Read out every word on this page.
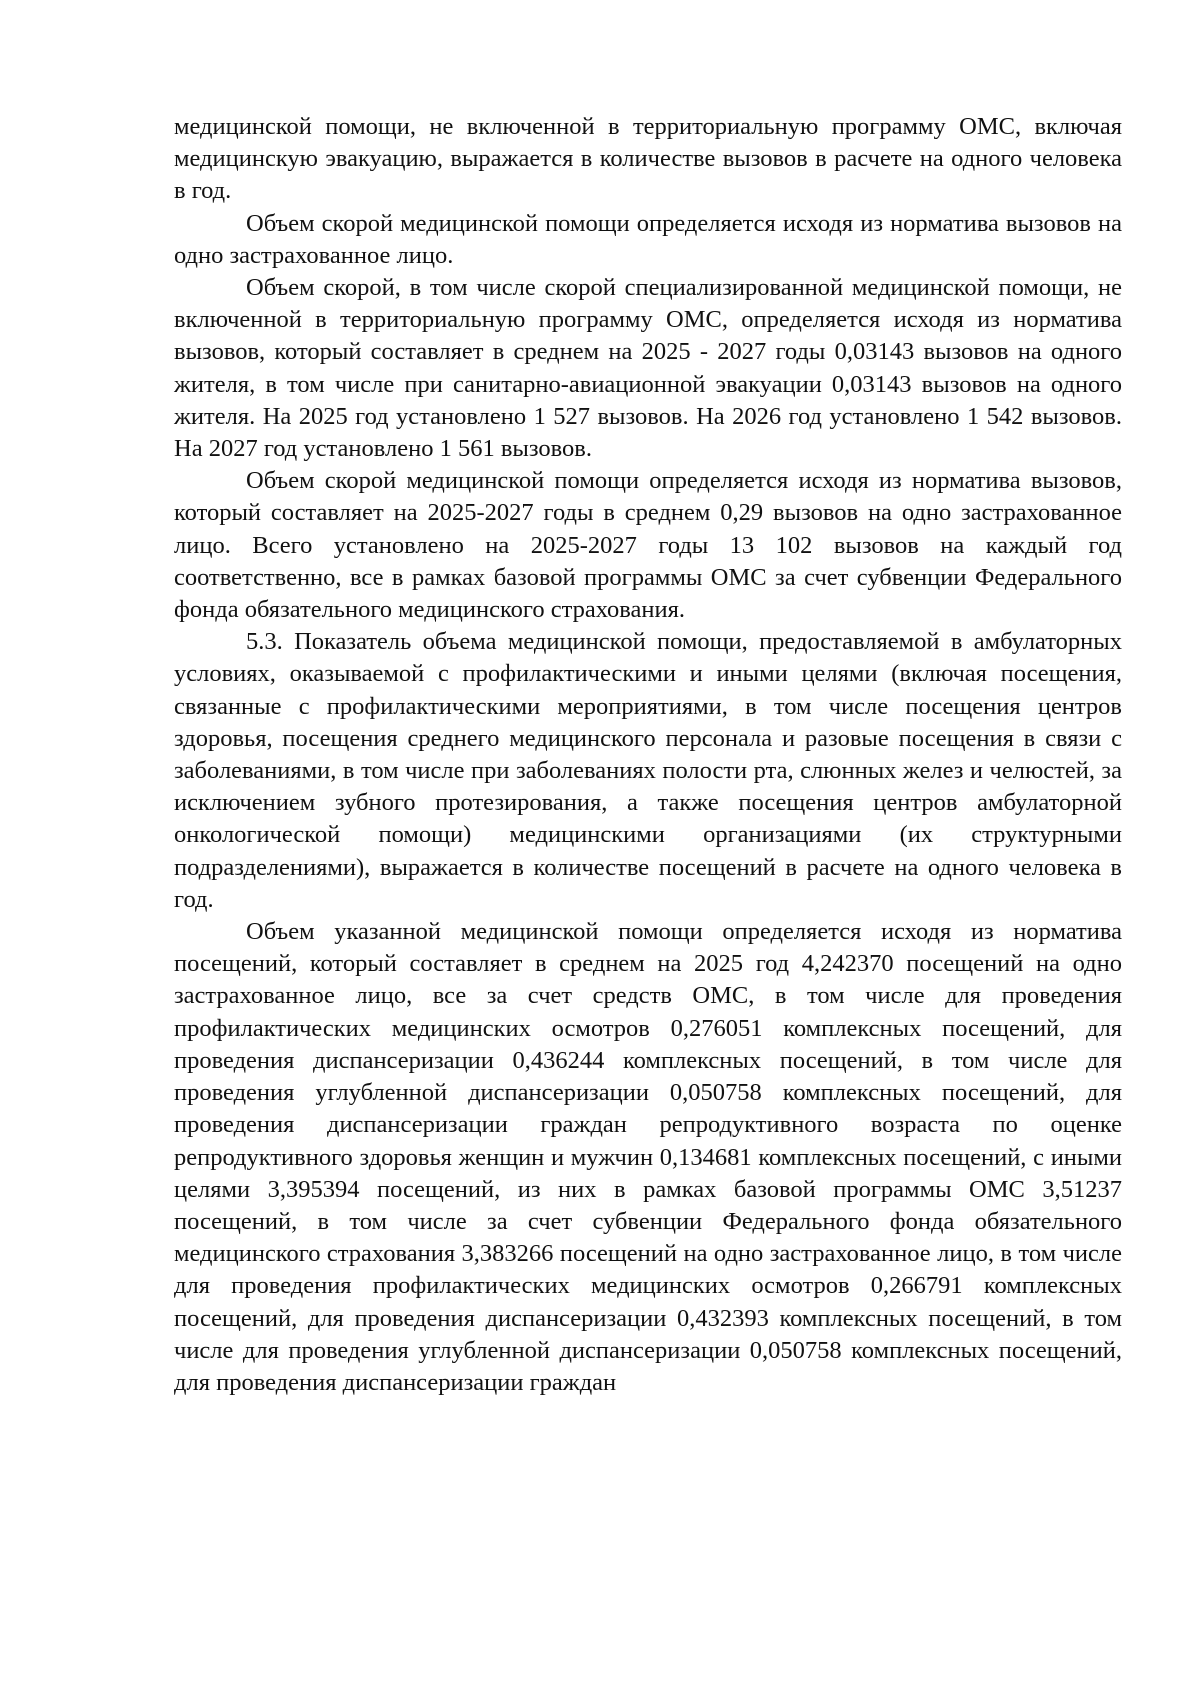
медицинской помощи, не включенной в территориальную программу ОМС, включая медицинскую эвакуацию, выражается в количестве вызовов в расчете на одного человека в год.

Объем скорой медицинской помощи определяется исходя из норматива вызовов на одно застрахованное лицо.

Объем скорой, в том числе скорой специализированной медицинской помощи, не включенной в территориальную программу ОМС, определяется исходя из норматива вызовов, который составляет в среднем на 2025 - 2027 годы 0,03143 вызовов на одного жителя, в том числе при санитарно-авиационной эвакуации 0,03143 вызовов на одного жителя. На 2025 год установлено 1 527 вызовов. На 2026 год установлено 1 542 вызовов. На 2027 год установлено 1 561 вызовов.

Объем скорой медицинской помощи определяется исходя из норматива вызовов, который составляет на 2025-2027 годы в среднем 0,29 вызовов на одно застрахованное лицо. Всего установлено на 2025-2027 годы 13 102 вызовов на каждый год соответственно, все в рамках базовой программы ОМС за счет субвенции Федерального фонда обязательного медицинского страхования.

5.3. Показатель объема медицинской помощи, предоставляемой в амбулаторных условиях, оказываемой с профилактическими и иными целями (включая посещения, связанные с профилактическими мероприятиями, в том числе посещения центров здоровья, посещения среднего медицинского персонала и разовые посещения в связи с заболеваниями, в том числе при заболеваниях полости рта, слюнных желез и челюстей, за исключением зубного протезирования, а также посещения центров амбулаторной онкологической помощи) медицинскими организациями (их структурными подразделениями), выражается в количестве посещений в расчете на одного человека в год.

Объем указанной медицинской помощи определяется исходя из норматива посещений, который составляет в среднем на 2025 год 4,242370 посещений на одно застрахованное лицо, все за счет средств ОМС, в том числе для проведения профилактических медицинских осмотров 0,276051 комплексных посещений, для проведения диспансеризации 0,436244 комплексных посещений, в том числе для проведения углубленной диспансеризации 0,050758 комплексных посещений, для проведения диспансеризации граждан репродуктивного возраста по оценке репродуктивного здоровья женщин и мужчин 0,134681 комплексных посещений, с иными целями 3,395394 посещений, из них в рамках базовой программы ОМС 3,51237 посещений, в том числе за счет субвенции Федерального фонда обязательного медицинского страхования 3,383266 посещений на одно застрахованное лицо, в том числе для проведения профилактических медицинских осмотров 0,266791 комплексных посещений, для проведения диспансеризации 0,432393 комплексных посещений, в том числе для проведения углубленной диспансеризации 0,050758 комплексных посещений, для проведения диспансеризации граждан
